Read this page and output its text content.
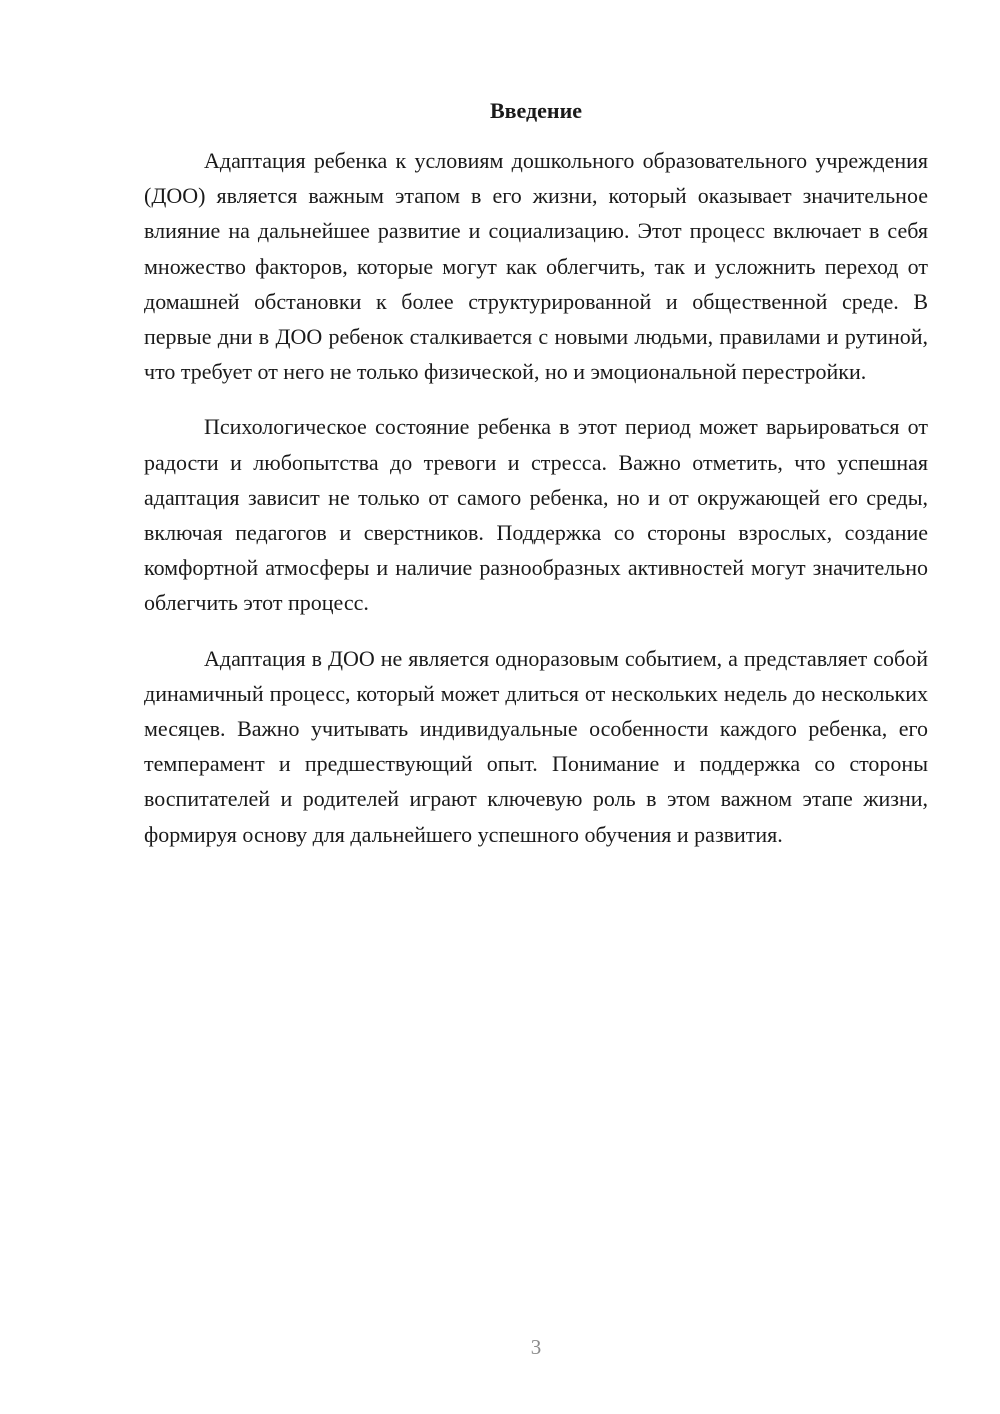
Введение

Адаптация ребенка к условиям дошкольного образовательного учреждения (ДОО) является важным этапом в его жизни, который оказывает значительное влияние на дальнейшее развитие и социализацию. Этот процесс включает в себя множество факторов, которые могут как облегчить, так и усложнить переход от домашней обстановки к более структурированной и общественной среде. В первые дни в ДОО ребенок сталкивается с новыми людьми, правилами и рутиной, что требует от него не только физической, но и эмоциональной перестройки.

Психологическое состояние ребенка в этот период может варьироваться от радости и любопытства до тревоги и стресса. Важно отметить, что успешная адаптация зависит не только от самого ребенка, но и от окружающей его среды, включая педагогов и сверстников. Поддержка со стороны взрослых, создание комфортной атмосферы и наличие разнообразных активностей могут значительно облегчить этот процесс.

Адаптация в ДОО не является одноразовым событием, а представляет собой динамичный процесс, который может длиться от нескольких недель до нескольких месяцев. Важно учитывать индивидуальные особенности каждого ребенка, его темперамент и предшествующий опыт. Понимание и поддержка со стороны воспитателей и родителей играют ключевую роль в этом важном этапе жизни, формируя основу для дальнейшего успешного обучения и развития.

3
